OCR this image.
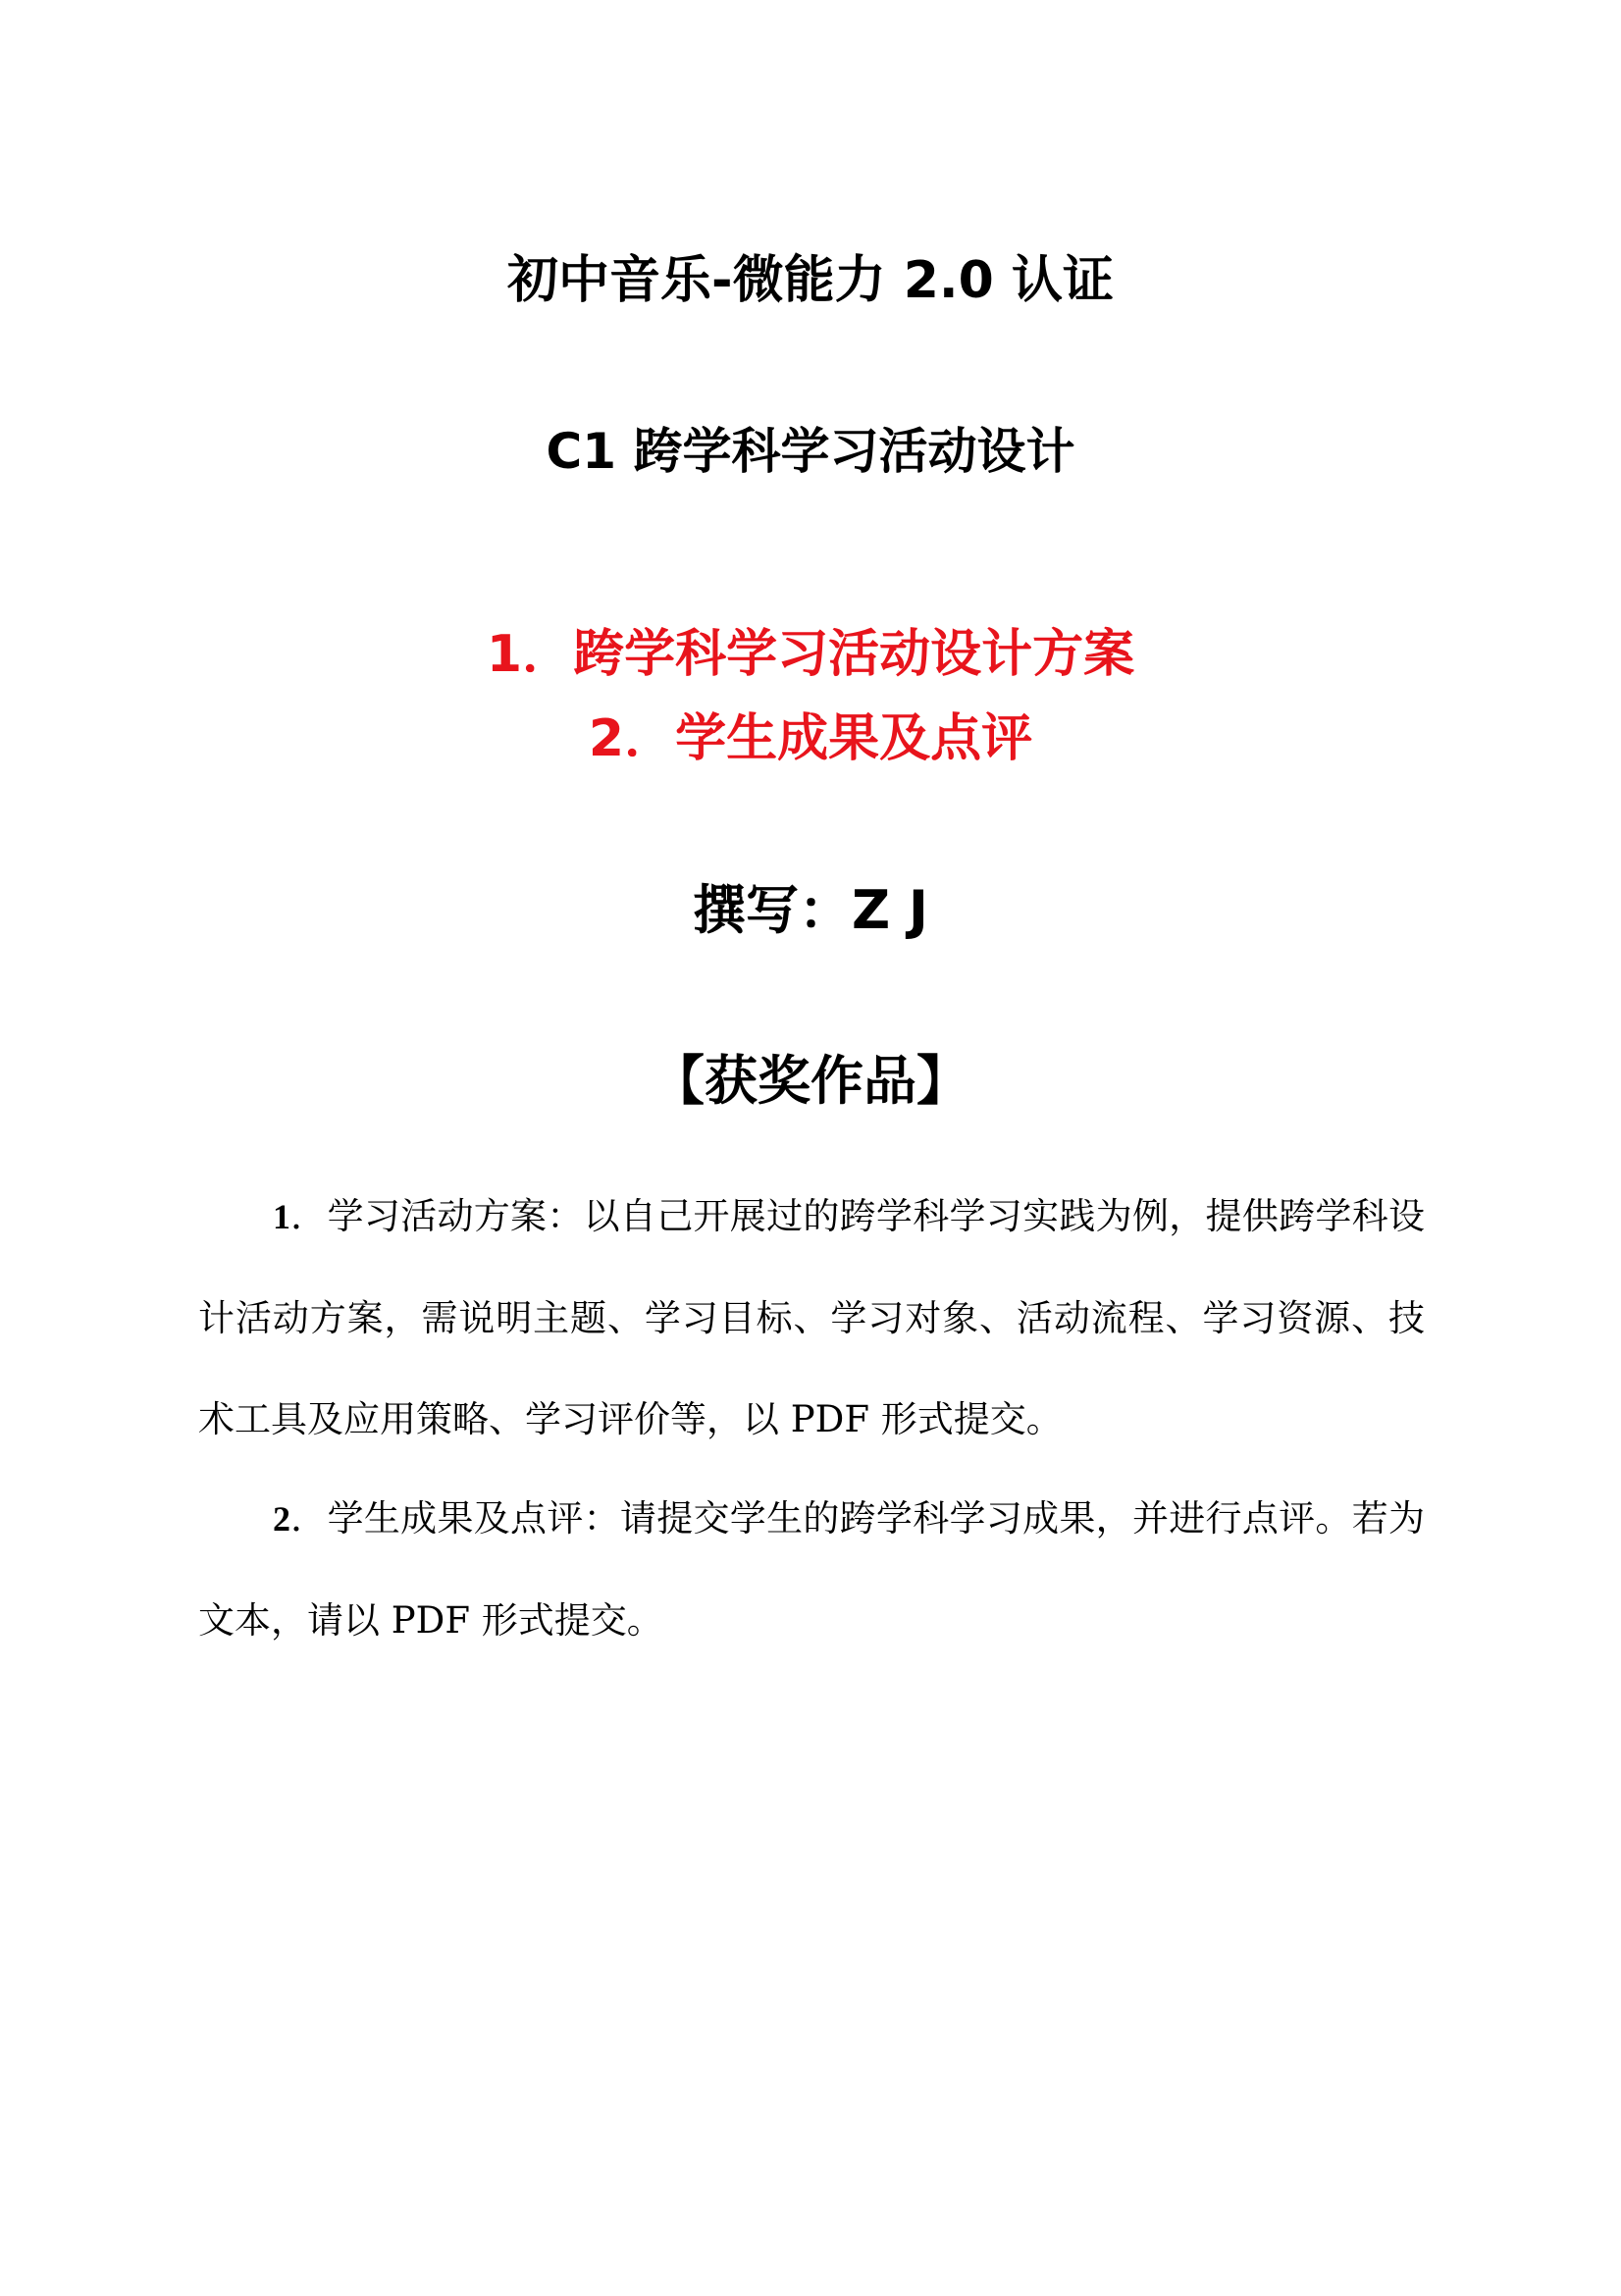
初中音乐-微能力 2.0 认证
C1 跨学科学习活动设计
1．跨学科学习活动设计方案
2．学生成果及点评
撰写：Z J
【获奖作品】

1．学习活动方案：以自己开展过的跨学科学习实践为例，提供跨学科设计活动方案，需说明主题、学习目标、学习对象、活动流程、学习资源、技术工具及应用策略、学习评价等，以 PDF 形式提交。

2．学生成果及点评：请提交学生的跨学科学习成果，并进行点评。若为文本，请以 PDF 形式提交。
